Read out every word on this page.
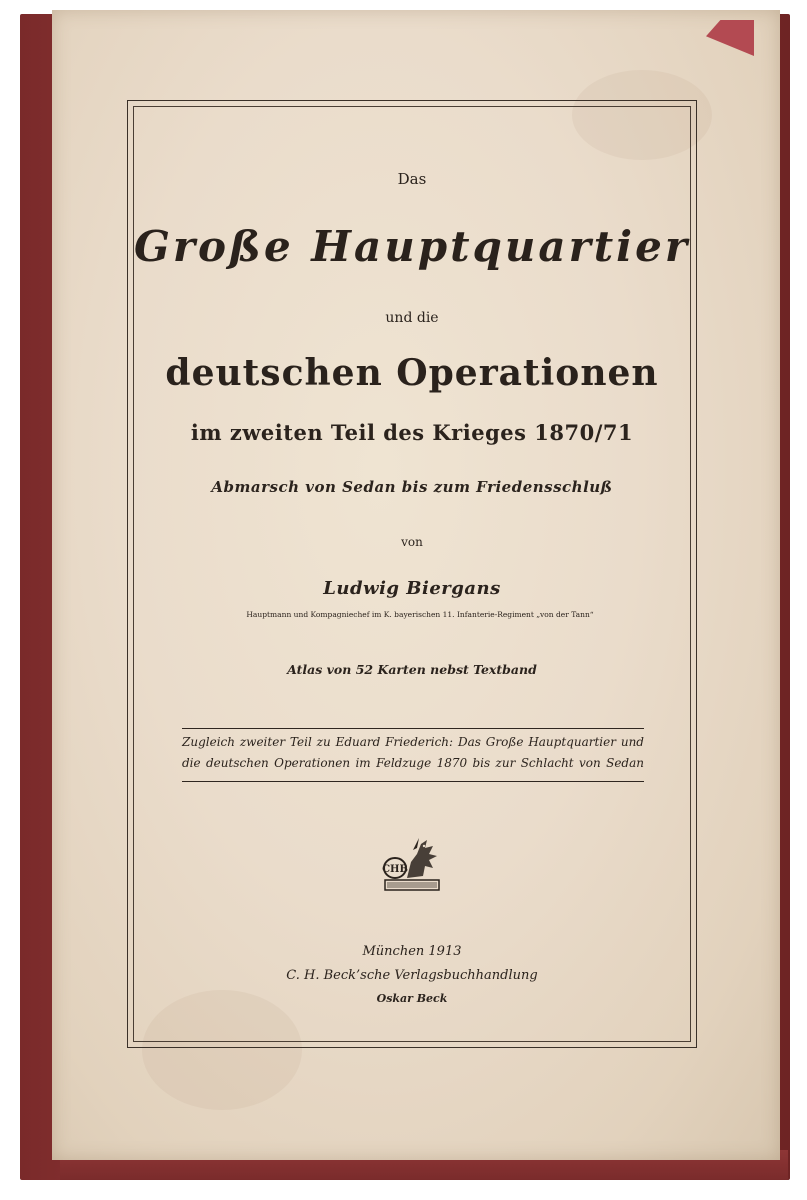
Das
Große Hauptquartier
und die
deutschen Operationen
im zweiten Teil des Krieges 1870/71
Abmarsch von Sedan bis zum Friedensschluß
von
Ludwig Biergans
Hauptmann und Kompagniechef im K. bayerischen 11. Infanterie-Regiment „von der Tann“
Atlas von 52 Karten nebst Textband
Zugleich zweiter Teil zu Eduard Friederich: Das Große Hauptquartier und
die deutschen Operationen im Feldzuge 1870 bis zur Schlacht von Sedan
CHB
München 1913
C. H. Beck’sche Verlagsbuchhandlung
Oskar Beck
